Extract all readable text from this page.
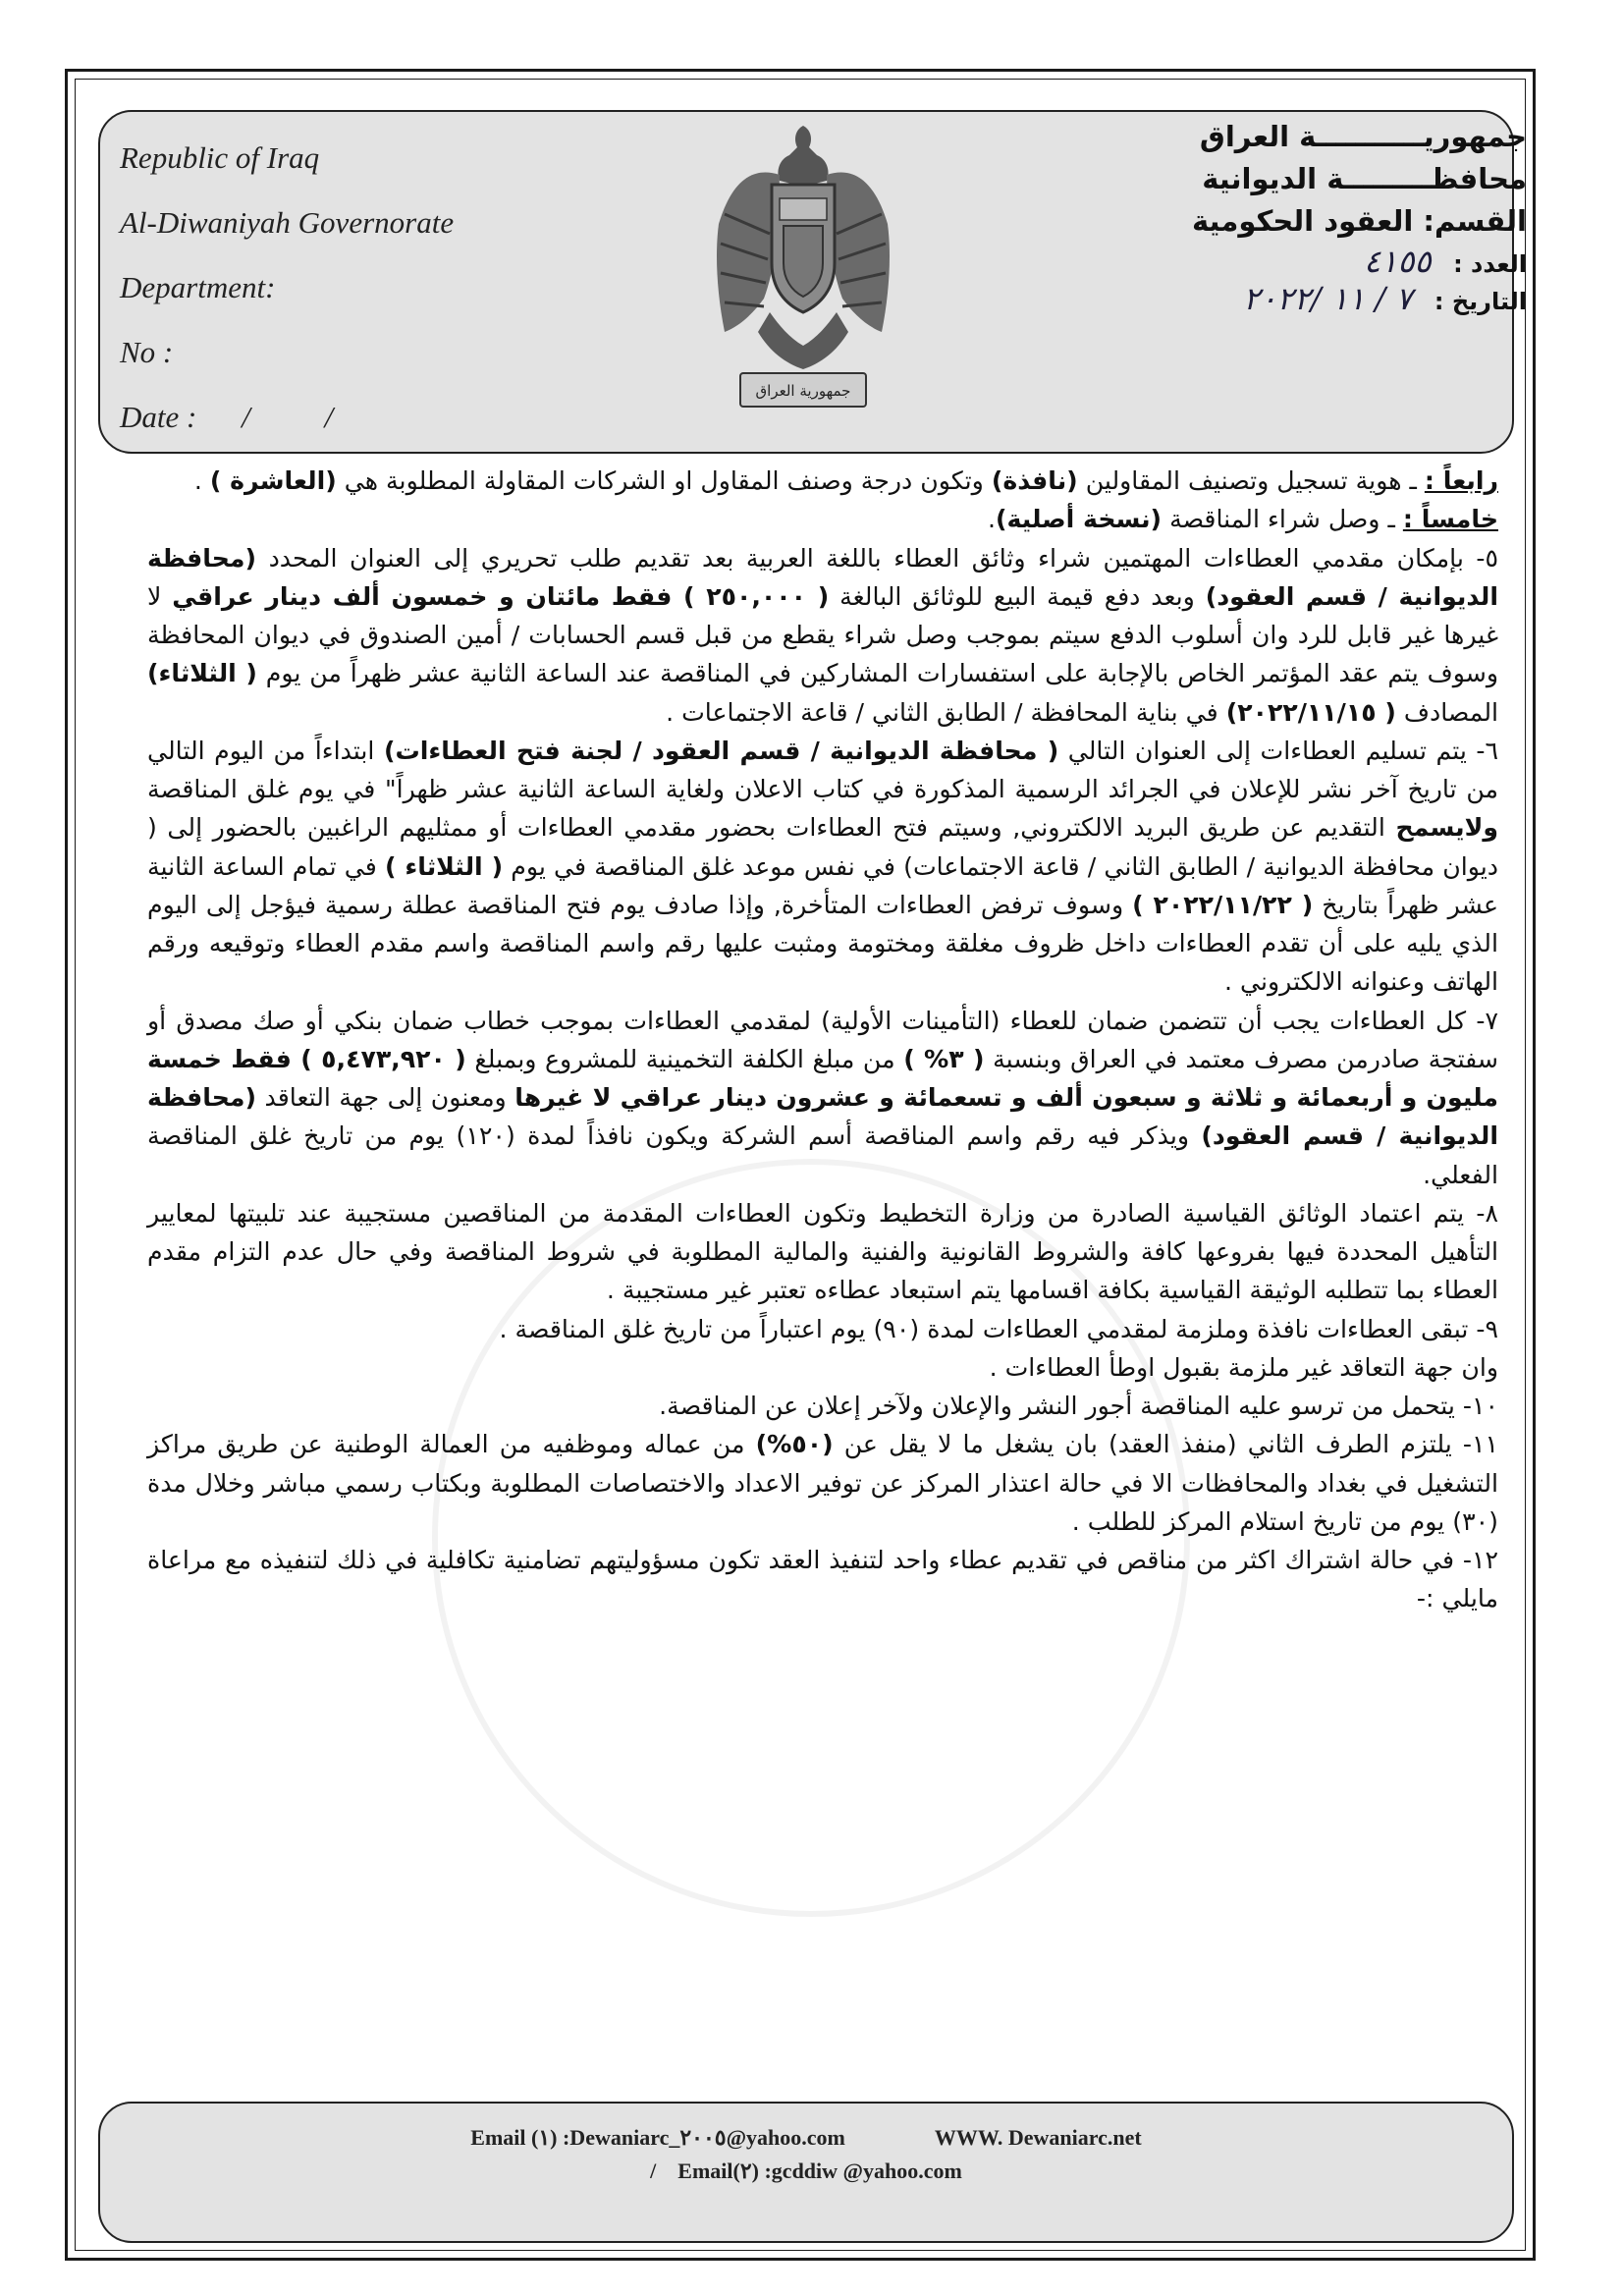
Republic of Iraq
Al-Diwaniyah Governorate
Department:
No :
Date : / /
جمهورية العراق
جمهوريـــــــــــة العراق
محافظـــــــــة الديوانية
القسم: العقود الحكومية
العدد : ٤١٥٥
التاريخ : ٧ / ١١ /٢٠٢٢

رابعاً : ـ هوية تسجيل وتصنيف المقاولين (نافذة) وتكون درجة وصنف المقاول او الشركات المقاولة المطلوبة هي (العاشرة ) .

خامساً : ـ وصل شراء المناقصة (نسخة أصلية).

٥- بإمكان مقدمي العطاءات المهتمين شراء وثائق العطاء باللغة العربية بعد تقديم طلب تحريري إلى العنوان المحدد (محافظة الديوانية / قسم العقود) وبعد دفع قيمة البيع للوثائق البالغة ( ٢٥٠,٠٠٠ ) فقط مائتان و خمسون ألف دينار عراقي لا غيرها غير قابل للرد وان أسلوب الدفع سيتم بموجب وصل شراء يقطع من قبل قسم الحسابات / أمين الصندوق في ديوان المحافظة وسوف يتم عقد المؤتمر الخاص بالإجابة على استفسارات المشاركين في المناقصة عند الساعة الثانية عشر ظهراً من يوم ( الثلاثاء) المصادف ( ٢٠٢٢/١١/١٥) في بناية المحافظة / الطابق الثاني / قاعة الاجتماعات .

٦- يتم تسليم العطاءات إلى العنوان التالي ( محافظة الديوانية / قسم العقود / لجنة فتح العطاءات) ابتداءاً من اليوم التالي من تاريخ آخر نشر للإعلان في الجرائد الرسمية المذكورة في كتاب الاعلان ولغاية الساعة الثانية عشر ظهراً" في يوم غلق المناقصة ولايسمح التقديم عن طريق البريد الالكتروني, وسيتم فتح العطاءات بحضور مقدمي العطاءات أو ممثليهم الراغبين بالحضور إلى ( ديوان محافظة الديوانية / الطابق الثاني / قاعة الاجتماعات) في نفس موعد غلق المناقصة في يوم ( الثلاثاء ) في تمام الساعة الثانية عشر ظهراً بتاريخ ( ٢٠٢٢/١١/٢٢ ) وسوف ترفض العطاءات المتأخرة, وإذا صادف يوم فتح المناقصة عطلة رسمية فيؤجل إلى اليوم الذي يليه على أن تقدم العطاءات داخل ظروف مغلقة ومختومة ومثبت عليها رقم واسم المناقصة واسم مقدم العطاء وتوقيعه ورقم الهاتف وعنوانه الالكتروني .

٧- كل العطاءات يجب أن تتضمن ضمان للعطاء (التأمينات الأولية) لمقدمي العطاءات بموجب خطاب ضمان بنكي أو صك مصدق أو سفتجة صادرمن مصرف معتمد في العراق وبنسبة ( ٣% ) من مبلغ الكلفة التخمينية للمشروع وبمبلغ ( ٥,٤٧٣,٩٢٠ ) فقط خمسة مليون و أربعمائة و ثلاثة و سبعون ألف و تسعمائة و عشرون دينار عراقي لا غيرها ومعنون إلى جهة التعاقد (محافظة الديوانية / قسم العقود) ويذكر فيه رقم واسم المناقصة أسم الشركة ويكون نافذاً لمدة (١٢٠) يوم من تاريخ غلق المناقصة الفعلي.

٨- يتم اعتماد الوثائق القياسية الصادرة من وزارة التخطيط وتكون العطاءات المقدمة من المناقصين مستجيبة عند تلبيتها لمعايير التأهيل المحددة فيها بفروعها كافة والشروط القانونية والفنية والمالية المطلوبة في شروط المناقصة وفي حال عدم التزام مقدم العطاء بما تتطلبه الوثيقة القياسية بكافة اقسامها يتم استبعاد عطاءه تعتبر غير مستجيبة .

٩- تبقى العطاءات نافذة وملزمة لمقدمي العطاءات لمدة (٩٠) يوم اعتباراً من تاريخ غلق المناقصة .

وان جهة التعاقد غير ملزمة بقبول اوطأ العطاءات .

١٠- يتحمل من ترسو عليه المناقصة أجور النشر والإعلان ولآخر إعلان عن المناقصة.

١١- يلتزم الطرف الثاني (منفذ العقد) بان يشغل ما لا يقل عن (٥٠%) من عماله وموظفيه من العمالة الوطنية عن طريق مراكز التشغيل في بغداد والمحافظات الا في حالة اعتذار المركز عن توفير الاعداد والاختصاصات المطلوبة وبكتاب رسمي مباشر وخلال مدة (٣٠) يوم من تاريخ استلام المركز للطلب .

١٢- في حالة اشتراك اكثر من مناقص في تقديم عطاء واحد لتنفيذ العقد تكون مسؤوليتهم تضامنية تكافلية في ذلك لتنفيذه مع مراعاة مايلي :-

Email (١) :Dewaniarc_٢٠٠٥@yahoo.com	WWW. Dewaniarc.net
/ Email(٢) :gcddiw @yahoo.com
